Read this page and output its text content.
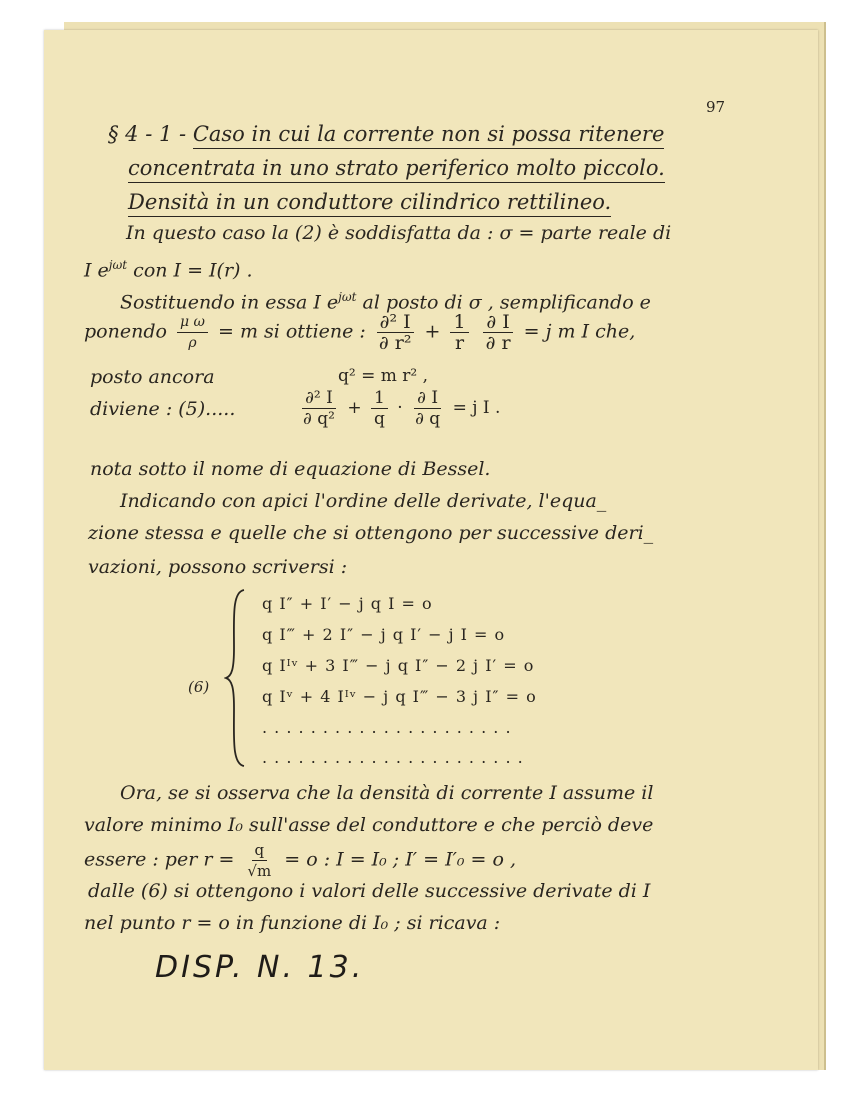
97
§ 4 - 1 - Caso in cui la corrente non si possa ritenere
concentrata in uno strato periferico molto piccolo.
Densità in un conduttore cilindrico rettilineo.
In questo caso la (2) è soddisfatta da : σ = parte reale di
I $e^{j\omega t}$ con I = I(r) .
Sostituendo in essa I $e^{j\omega t}$ al posto di σ , semplificando e
ponendo $\frac{\text{μ ω}}{\rho} = m$ si ottiene : $\frac{\text{∂² I}}{\text{∂ r²}} + \frac{1}{r}$
$\frac{\partial I}{\partial r} = j$ m I che,
posto ancora	q² = m r² ,
diviene : (5).....	$\frac{\text{∂² I}}{\text{∂ q²}} + \frac{1}{q} \cdot \frac{\partial I}{\partial q} = j$ I .
nota sotto il nome di equazione di Bessel.
Indicando con apici l'ordine delle derivate, l'equa_
zione stessa e quelle che si ottengono per successive deri_
vazioni, possono scriversi :
(6)
q I″ + I′ − j q I = o
q I‴ + 2 I″ − j q I′ − j I = o
q Iᴵᵛ + 3 I‴ − j q I″ − 2 j I′ = o
q Iᵛ + 4 Iᴵᵛ − j q I‴ − 3 j I″ = o
. . . . . . . . . . . . . . . . . . . . .
. . . . . . . . . . . . . . . . . . . . . .
Ora, se si osserva che la densità di corrente I assume il
valore minimo I₀ sull'asse del conduttore e che perciò deve
essere : per $r = \frac{q}{√m} = o$ : I = I₀ ; I′ = I′₀ = o ,
dalle (6) si ottengono i valori delle successive derivate di I
nel punto r = o in funzione di I₀ ; si ricava :
DISP. N. 13.
